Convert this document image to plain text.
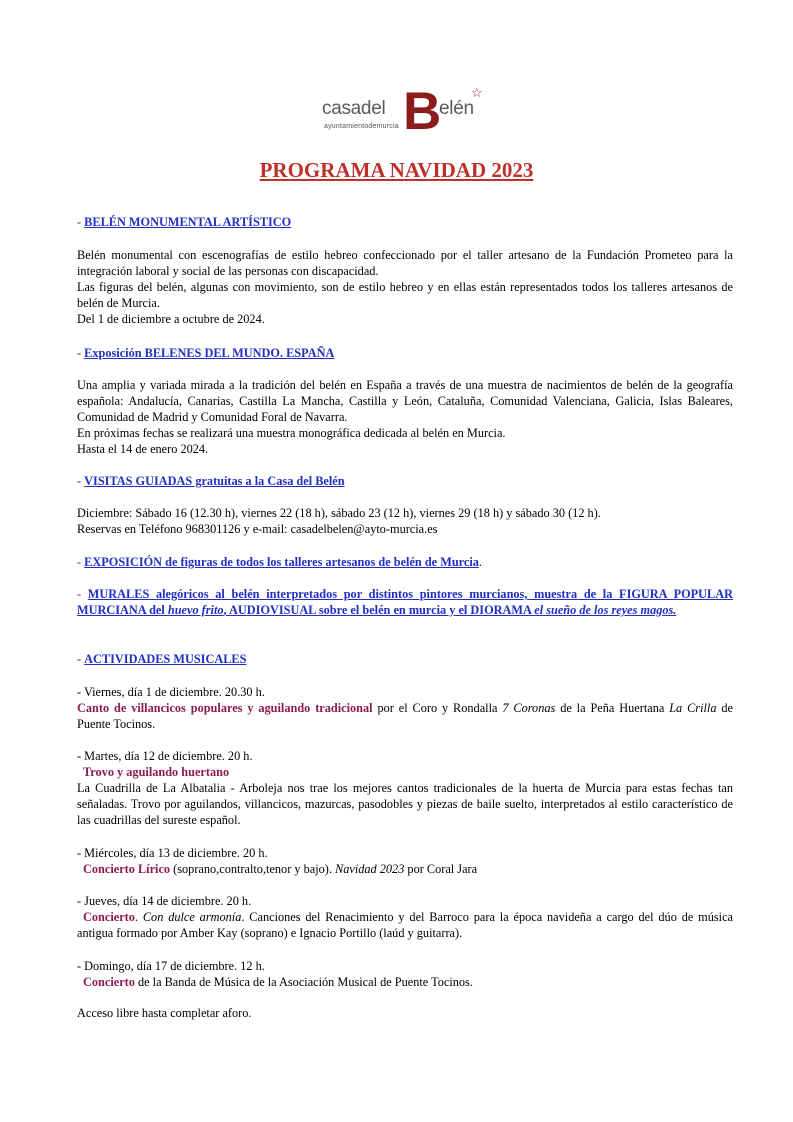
casadel B
elén
☆
ayuntamientodemurcia
PROGRAMA NAVIDAD 2023
- BELÉN MONUMENTAL ARTÍSTICO

Belén monumental con escenografías de estilo hebreo confeccionado por el taller artesano de la Fundación Prometeo para la integración laboral y social de las personas con discapacidad.

Las figuras del belén, algunas con movimiento, son de estilo hebreo y en ellas están representados todos los talleres artesanos de belén de Murcia.

Del 1 de diciembre a octubre de 2024.

- Exposición BELENES DEL MUNDO. ESPAÑA

Una amplia y variada mirada a la tradición del belén en España a través de una muestra de nacimientos de belén de la geografía española: Andalucía, Canarias, Castilla La Mancha, Castilla y León, Cataluña, Comunidad Valenciana, Galicia, Islas Baleares, Comunidad de Madrid y Comunidad Foral de Navarra.

En próximas fechas se realizará una muestra monográfica dedicada al belén en Murcia.

Hasta el 14 de enero 2024.

- VISITAS GUIADAS gratuitas a la Casa del Belén

Diciembre: Sábado 16 (12.30 h), viernes 22 (18 h), sábado 23 (12 h), viernes 29 (18 h) y sábado 30 (12 h).

Reservas en Teléfono 968301126 y e-mail: casadelbelen@ayto-murcia.es

- EXPOSICIÓN de figuras de todos los talleres artesanos de belén de Murcia.
- MURALES alegóricos al belén interpretados por distintos pintores murcianos, muestra de la FIGURA POPULAR MURCIANA del huevo frito, AUDIOVISUAL sobre el belén en murcia y el DIORAMA el sueño de los reyes magos.
- ACTIVIDADES MUSICALES

- Viernes, día 1 de diciembre. 20.30 h.

Canto de villancicos populares y aguilando tradicional por el Coro y Rondalla 7 Coronas de la Peña Huertana La Crilla de Puente Tocinos.

- Martes, día 12 de diciembre. 20 h.

Trovo y aguilando huertano

La Cuadrilla de La Albatalia - Arboleja nos trae los mejores cantos tradicionales de la huerta de Murcia para estas fechas tan señaladas. Trovo por aguilandos, villancicos, mazurcas, pasodobles y piezas de baile suelto, interpretados al estilo característico de las cuadrillas del sureste español.

- Miércoles, día 13 de diciembre. 20 h.

Concierto Lírico (soprano,contralto,tenor y bajo). Navidad 2023 por Coral Jara

- Jueves, día 14 de diciembre. 20 h.

Concierto. Con dulce armonía. Canciones del Renacimiento y del Barroco para la época navideña a cargo del dúo de música antigua formado por Amber Kay (soprano) e Ignacio Portillo (laúd y guitarra).

- Domingo, día 17 de diciembre. 12 h.

Concierto de la Banda de Música de la Asociación Musical de Puente Tocinos.

Acceso libre hasta completar aforo.
